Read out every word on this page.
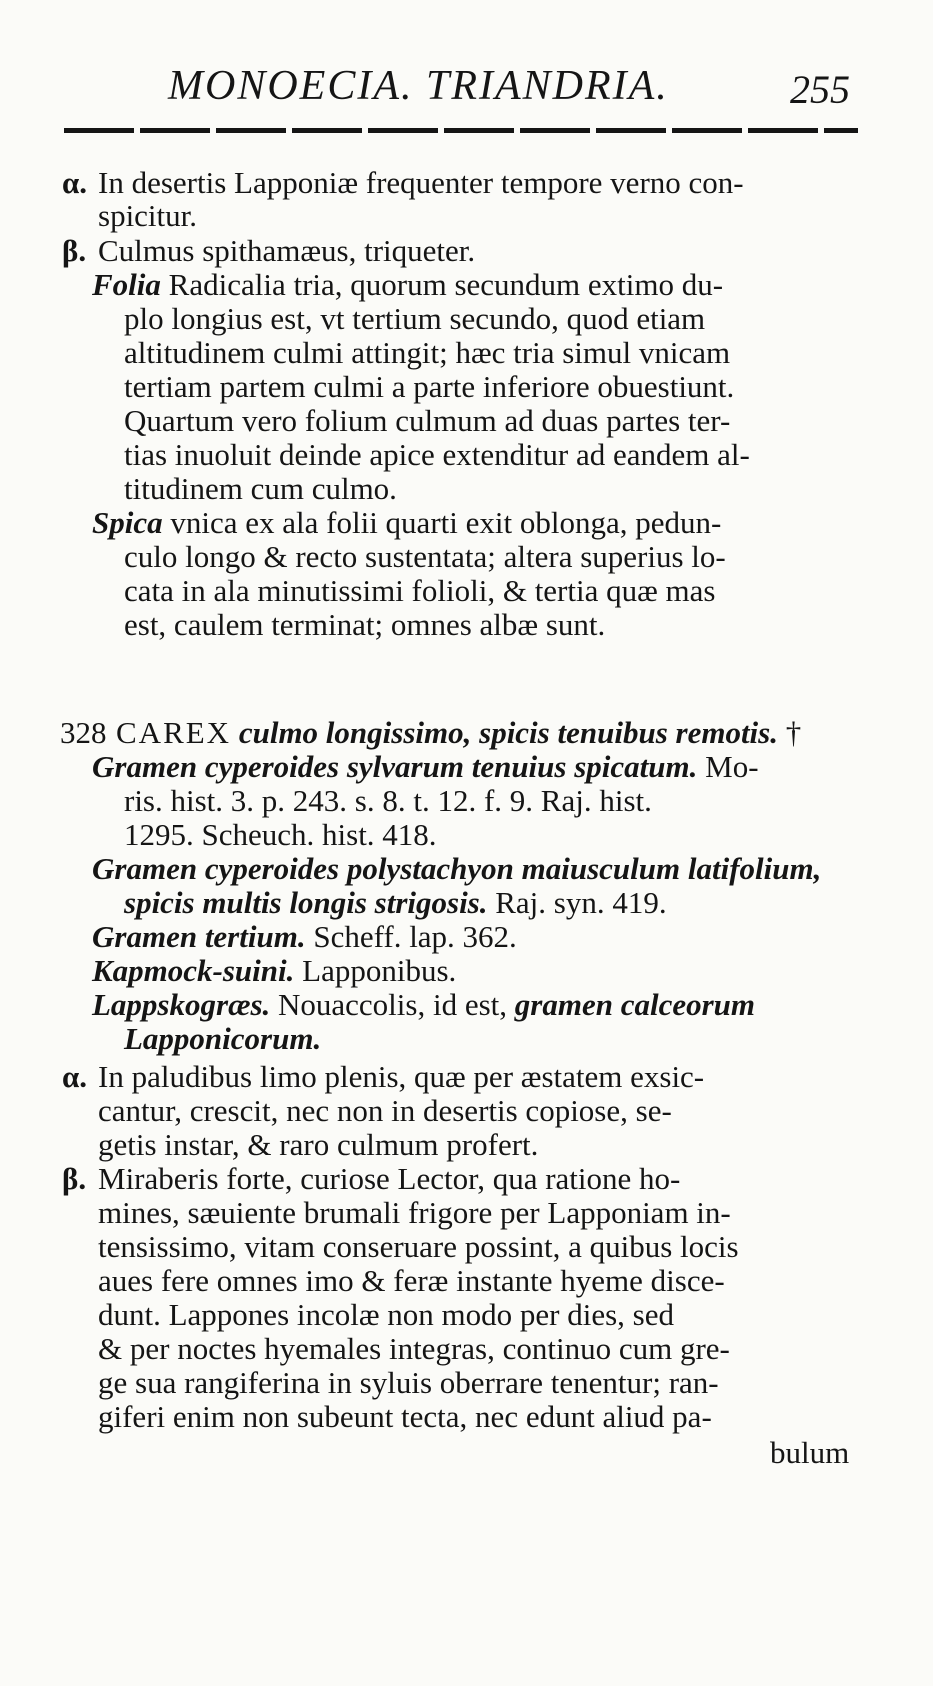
MONOECIA. TRIANDRIA.	255
α. In desertis Lapponiæ frequenter tempore verno con-
spicitur.
β. Culmus spithamæus, triqueter.
Folia Radicalia tria, quorum secundum extimo du-
plo longius est, vt tertium secundo, quod etiam
altitudinem culmi attingit; hæc tria simul vnicam
tertiam partem culmi a parte inferiore obuestiunt.
Quartum vero folium culmum ad duas partes ter-
tias inuoluit deinde apice extenditur ad eandem al-
titudinem cum culmo.
Spica vnica ex ala folii quarti exit oblonga, pedun-
culo longo & recto sustentata; altera superius lo-
cata in ala minutissimi folioli, & tertia quæ mas
est, caulem terminat; omnes albæ sunt.
328 CAREX culmo longissimo, spicis tenuibus remotis. †
Gramen cyperoides sylvarum tenuius spicatum. Mo-
ris. hist. 3. p. 243. s. 8. t. 12. f. 9. Raj. hist.
1295. Scheuch. hist. 418.
Gramen cyperoides polystachyon maiusculum latifolium,
spicis multis longis strigosis. Raj. syn. 419.
Gramen tertium. Scheff. lap. 362.
Kapmock-suini. Lapponibus.
Lappskogræs. Nouaccolis, id est, gramen calceorum
Lapponicorum.
α. In paludibus limo plenis, quæ per æstatem exsic-
cantur, crescit, nec non in desertis copiose, se-
getis instar, & raro culmum profert.
β. Miraberis forte, curiose Lector, qua ratione ho-
mines, sæuiente brumali frigore per Lapponiam in-
tensissimo, vitam conseruare possint, a quibus locis
aues fere omnes imo & feræ instante hyeme disce-
dunt. Lappones incolæ non modo per dies, sed
& per noctes hyemales integras, continuo cum gre-
ge sua rangiferina in syluis oberrare tenentur; ran-
giferi enim non subeunt tecta, nec edunt aliud pa-
bulum
